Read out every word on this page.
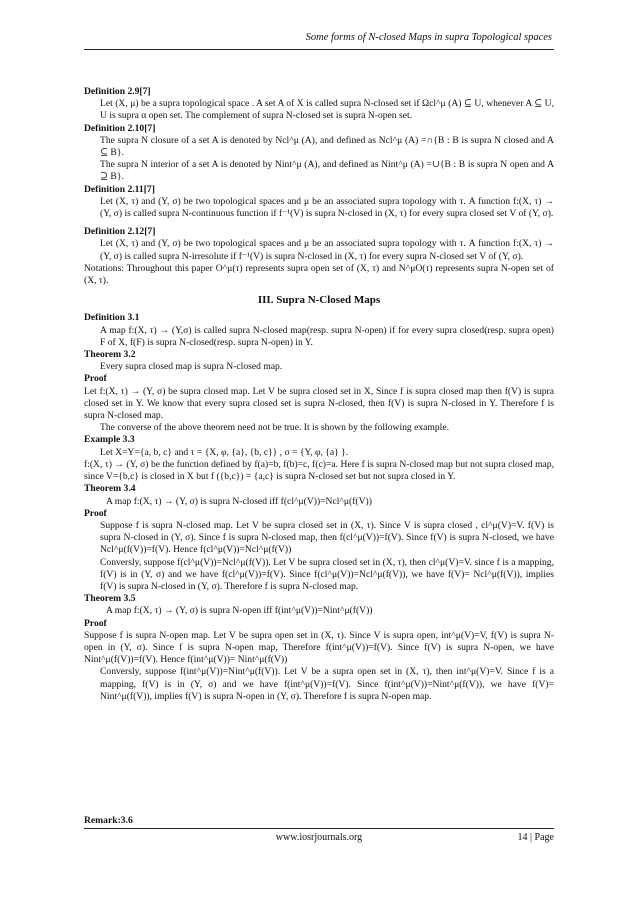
Some forms of N-closed Maps in supra Topological spaces

Definition 2.9[7]

Let (X, μ) be a supra topological space . A set A of X is called supra N-closed set if Ωcl^μ (A) ⊆ U, whenever A ⊆ U, U is supra α open set. The complement of supra N-closed set is supra N-open set.

Definition 2.10[7]

The supra N closure of a set A is denoted by Ncl^μ (A), and defined as Ncl^μ (A) =∩{B : B is supra N closed and A ⊆ B}.

The supra N interior of a set A is denoted by Nint^μ (A), and defined as Nint^μ (A) =∪{B : B is supra N open and A ⊇ B}.

Definition 2.11[7]

Let (X, τ) and (Y, σ) be two topological spaces and μ be an associated supra topology with τ. A function f:(X, τ) → (Y, σ) is called supra N-continuous function if f⁻¹(V) is supra N-closed in (X, τ) for every supra closed set V of (Y, σ).

Definition 2.12[7]

Let (X, τ) and (Y, σ) be two topological spaces and μ be an associated supra topology with τ. A function f:(X, τ) → (Y, σ) is called supra N-irresolute if f⁻¹(V) is supra N-closed in (X, τ) for every supra N-closed set V of (Y, σ).

Notations: Throughout this paper O^μ(τ) represents supra open set of (X, τ) and N^μO(τ) represents supra N-open set of (X, τ).

III. Supra N-Closed Maps

Definition 3.1

A map f:(X, τ) → (Y,σ) is called supra N-closed map(resp. supra N-open) if for every supra closed(resp. supra open) F of X, f(F) is supra N-closed(resp. supra N-open) in Y.

Theorem 3.2

Every supra closed map is supra N-closed map.

Proof

Let f:(X, τ) → (Y, σ) be supra closed map. Let V be supra closed set in X, Since f is supra closed map then f(V) is supra closed set in Y. We know that every supra closed set is supra N-closed, then f(V) is supra N-closed in Y. Therefore f is supra N-closed map.

The converse of the above theorem need not be true. It is shown by the following example.

Example 3.3

Let X=Y={a, b, c} and τ = {X, φ, {a}, {b, c}} , σ = {Y, φ, {a} }.

f:(X, τ) → (Y, σ) be the function defined by f(a)=b, f(b)=c, f(c)=a. Here f is supra N-closed map but not supra closed map, since V={b,c} is closed in X but f ({b,c}) = {a,c} is supra N-closed set but not supra closed in Y.

Theorem 3.4

A map f:(X, τ) → (Y, σ) is supra N-closed iff f(cl^μ(V))=Ncl^μ(f(V))

Proof

Suppose f is supra N-closed map. Let V be supra closed set in (X, τ). Since V is supra closed , cl^μ(V)=V. f(V) is supra N-closed in (Y, σ). Since f is supra N-closed map, then f(cl^μ(V))=f(V). Since f(V) is supra N-closed, we have Ncl^μ(f(V))=f(V). Hence f(cl^μ(V))=Ncl^μ(f(V))

Conversly, suppose f(cl^μ(V))=Ncl^μ(f(V)). Let V be supra closed set in (X, τ), then cl^μ(V)=V. since f is a mapping, f(V) is in (Y, σ) and we have f(cl^μ(V))=f(V). Since f(cl^μ(V))=Ncl^μ(f(V)), we have f(V)= Ncl^μ(f(V)), implies f(V) is supra N-closed in (Y, σ). Therefore f is supra N-closed map.

Theorem 3.5

A map f:(X, τ) → (Y, σ) is supra N-open iff f(int^μ(V))=Nint^μ(f(V))

Proof

Suppose f is supra N-open map. Let V be supra open set in (X, τ). Since V is supra open, int^μ(V)=V, f(V) is supra N-open in (Y, σ). Since f is supra N-open map, Therefore f(int^μ(V))=f(V). Since f(V) is supra N-open, we have Nint^μ(f(V))=f(V). Hence f(int^μ(V))= Nint^μ(f(V))

Conversly, suppose f(int^μ(V))=Nint^μ(f(V)). Let V be a supra open set in (X, τ), then int^μ(V)=V. Since f is a mapping, f(V) is in (Y, σ) and we have f(int^μ(V))=f(V). Since f(int^μ(V))=Nint^μ(f(V)), we have f(V)= Nint^μ(f(V)), implies f(V) is supra N-open in (Y, σ). Therefore f is supra N-open map.

Remark:3.6
www.iosrjournals.org	14 | Page
